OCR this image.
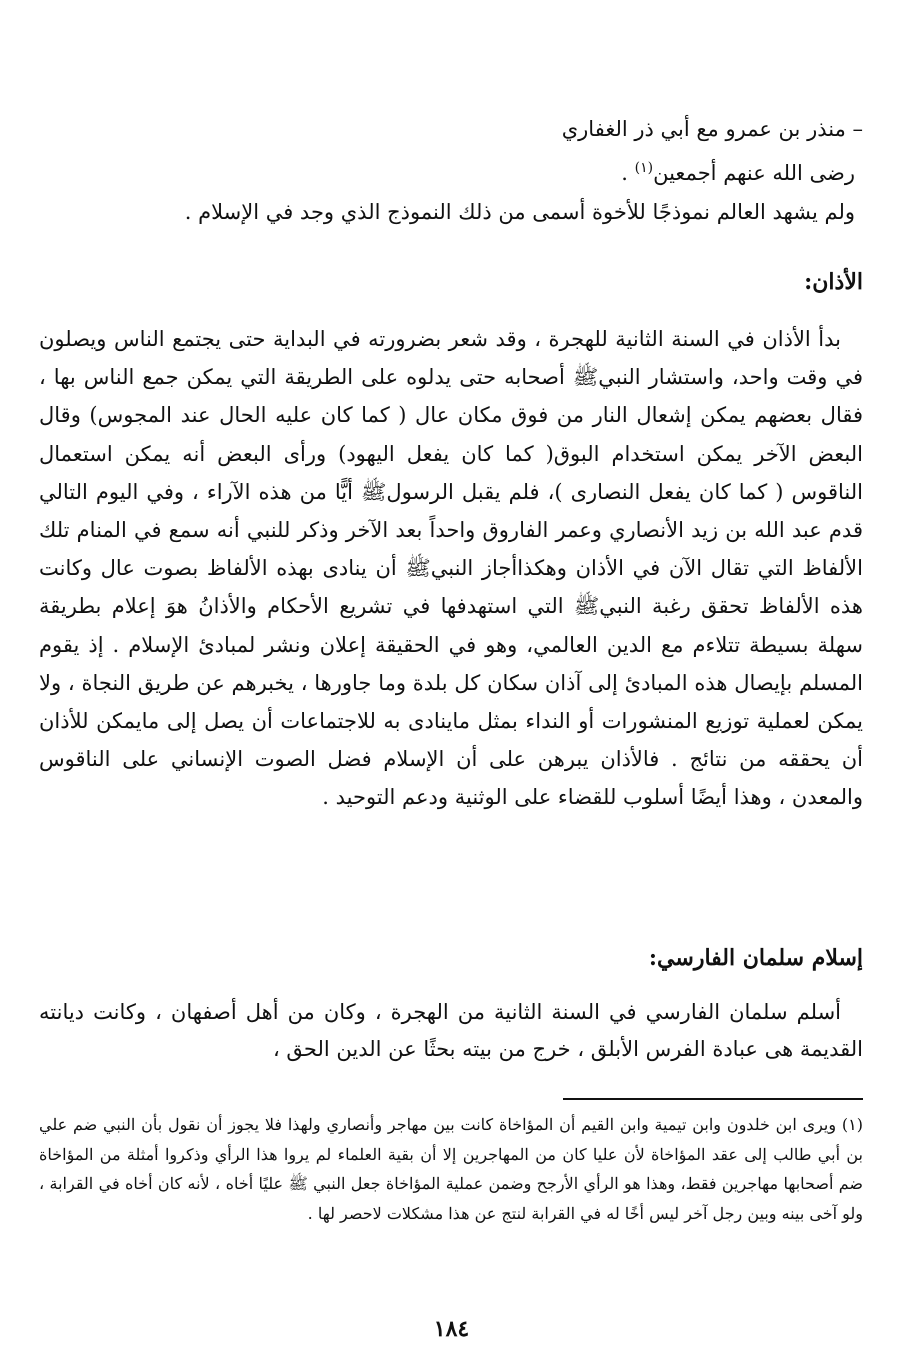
– منذر بن عمرو مع أبي ذر الغفاري
رضى الله عنهم أجمعين$^{(١)}$ .
ولم يشهد العالم نموذجًا للأخوة أسمى من ذلك النموذج الذي وجد في الإسلام .
الأذان:

بدأ الأذان في السنة الثانية للهجرة ، وقد شعر بضرورته في البداية حتى يجتمع الناس ويصلون في وقت واحد، واستشار النبيﷺ أصحابه حتى يدلوه على الطريقة التي يمكن جمع الناس بها ، فقال بعضهم يمكن إشعال النار من فوق مكان عال ( كما كان عليه الحال عند المجوس) وقال البعض الآخر يمكن استخدام البوق( كما كان يفعل اليهود) ورأى البعض أنه يمكن استعمال الناقوس ( كما كان يفعل النصارى )، فلم يقبل الرسولﷺ أيًّا من هذه الآراء ، وفي اليوم التالي قدم عبد الله بن زيد الأنصاري وعمر الفاروق واحداً بعد الآخر وذكر للنبي أنه سمع في المنام تلك الألفاظ التي تقال الآن في الأذان وهكذاأجاز النبيﷺ أن ينادى بهذه الألفاظ بصوت عال وكانت هذه الألفاظ تحقق رغبة النبيﷺ التي استهدفها في تشريع الأحكام والأذانُ هوَ إعلام بطريقة سهلة بسيطة تتلاءم مع الدين العالمي، وهو في الحقيقة إعلان ونشر لمبادئ الإسلام . إذ يقوم المسلم بإيصال هذه المبادئ إلى آذان سكان كل بلدة وما جاورها ، يخبرهم عن طريق النجاة ، ولا يمكن لعملية توزيع المنشورات أو النداء بمثل ماينادى به للاجتماعات أن يصل إلى مايمكن للأذان أن يحققه من نتائج . فالأذان يبرهن على أن الإسلام فضل الصوت الإنساني على الناقوس والمعدن ، وهذا أيضًا أسلوب للقضاء على الوثنية ودعم التوحيد .

إسلام سلمان الفارسي:

أسلم سلمان الفارسي في السنة الثانية من الهجرة ، وكان من أهل أصفهان ، وكانت ديانته القديمة هى عبادة الفرس الأبلق ، خرج من بيته بحثًا عن الدين الحق ،

(١) ويرى ابن خلدون وابن تيمية وابن القيم أن المؤاخاة كانت بين مهاجر وأنصاري ولهذا فلا يجوز أن نقول بأن النبي ضم علي بن أبي طالب إلى عقد المؤاخاة لأن عليا كان من المهاجرين إلا أن بقية العلماء لم يروا هذا الرأي وذكروا أمثلة من المؤاخاة ضم أصحابها مهاجرين فقط، وهذا هو الرأي الأرجح وضمن عملية المؤاخاة جعل النبي ﷺ عليًا أخاه ، لأنه كان أخاه في القرابة ، ولو آخى بينه وبين رجل آخر ليس أخًا له في القرابة لنتج عن هذا مشكلات لاحصر لها .

١٨٤
